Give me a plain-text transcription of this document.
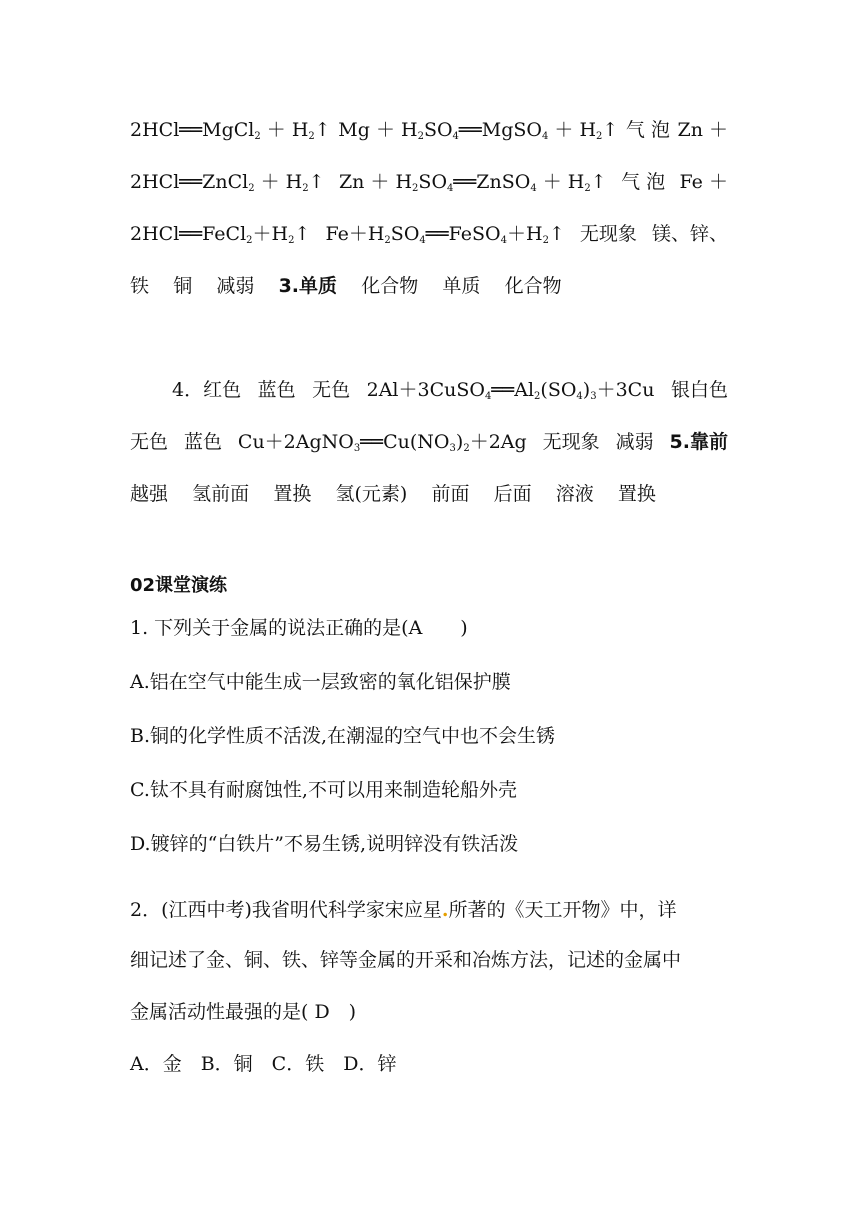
2HCl══MgCl$_2$ ＋ $H_2↑$ $Mg + H_2SO_4══MgSO_4$ ＋ $H_2↑$ 气 泡 Zn ＋
2HCl══ZnCl$_2$ ＋ $H_2↑$ $Zn + H_2SO_4══ZnSO_4$ ＋ $H_2↑$ 气 泡 Fe ＋
$2HCl══FeCl_2+H_2↑$ $Fe+H_2SO_4══FeSO_4+H_2↑$ 无现象 镁、锌、
铁 铜 减弱 3.单质 化合物 单质 化合物
4．红色 蓝色 无色 $2Al+3CuSO_4══Al_2(SO_4)_3+3Cu$ 银白色
无色 蓝色 $Cu+2AgNO_3══Cu(NO_3)_2+2Ag$ 无现象 减弱 5.靠前
越强 氢前面 置换 氢(元素) 前面 后面 溶液 置换
02课堂演练
1. 下列关于金属的说法正确的是(A　　)
A.铝在空气中能生成一层致密的氧化铝保护膜
B.铜的化学性质不活泼,在潮湿的空气中也不会生锈
C.钛不具有耐腐蚀性,不可以用来制造轮船外壳
D.镀锌的“白铁片”不易生锈,说明锌没有铁活泼
2．(江西中考)我省明代科学家宋应星.所著的《天工开物》中，详
细记述了金、铜、铁、锌等金属的开采和冶炼方法，记述的金属中
金属活动性最强的是( D　)
A．金　B．铜　C．铁　D．锌
